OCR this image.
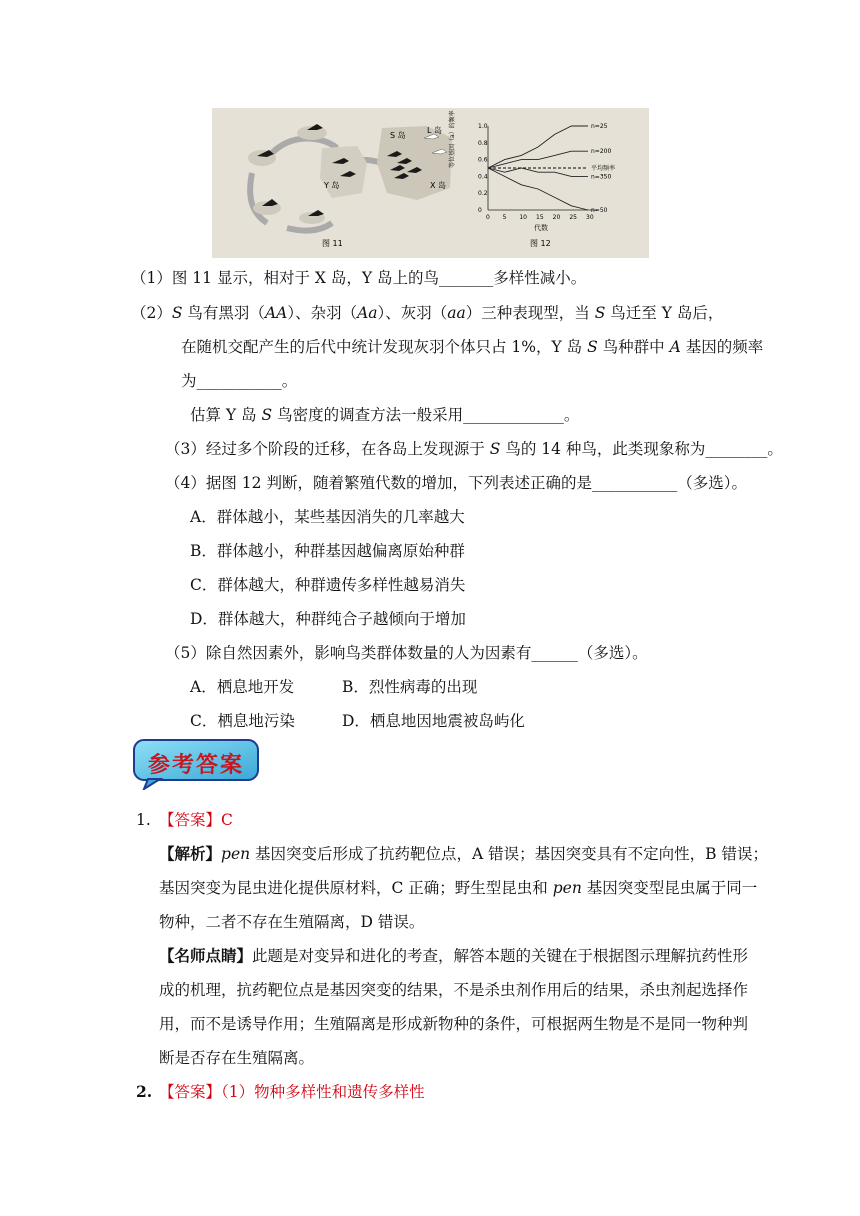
S 岛
L 岛
Y 岛	X 岛
图 11
等位基因（a）的频率
代数
1.0
0.8
0.6
0.4
0.2
0
0 5 10 15 20 25 30
n=25
n=200
平均频率
n=350
n=50
图 12
（1）图 11 显示，相对于 X 岛，Y 岛上的鸟_______多样性减小。
（2）S 鸟有黑羽（AA）、杂羽（Aa）、灰羽（aa）三种表现型，当 S 鸟迁至 Y 岛后，
在随机交配产生的后代中统计发现灰羽个体只占 1%，Y 岛 S 鸟种群中 A 基因的频率
为___________。
估算 Y 岛 S 鸟密度的调查方法一般采用_____________。
（3）经过多个阶段的迁移，在各岛上发现源于 S 鸟的 14 种鸟，此类现象称为________。
（4）据图 12 判断，随着繁殖代数的增加，下列表述正确的是___________（多选）。
A．群体越小，某些基因消失的几率越大
B．群体越小，种群基因越偏离原始种群
C．群体越大，种群遗传多样性越易消失
D．群体越大，种群纯合子越倾向于增加
（5）除自然因素外，影响鸟类群体数量的人为因素有______（多选）。
A．栖息地开发	B．烈性病毒的出现
C．栖息地污染	D．栖息地因地震被岛屿化
参考答案
1. 【答案】C
【解析】pen 基因突变后形成了抗药靶位点，A 错误；基因突变具有不定向性，B 错误；
基因突变为昆虫进化提供原材料，C 正确；野生型昆虫和 pen 基因突变型昆虫属于同一
物种，二者不存在生殖隔离，D 错误。
【名师点睛】此题是对变异和进化的考查，解答本题的关键在于根据图示理解抗药性形
成的机理，抗药靶位点是基因突变的结果，不是杀虫剂作用后的结果，杀虫剂起选择作
用，而不是诱导作用；生殖隔离是形成新物种的条件，可根据两生物是不是同一物种判
断是否存在生殖隔离。
2. 【答案】（1）物种多样性和遗传多样性
